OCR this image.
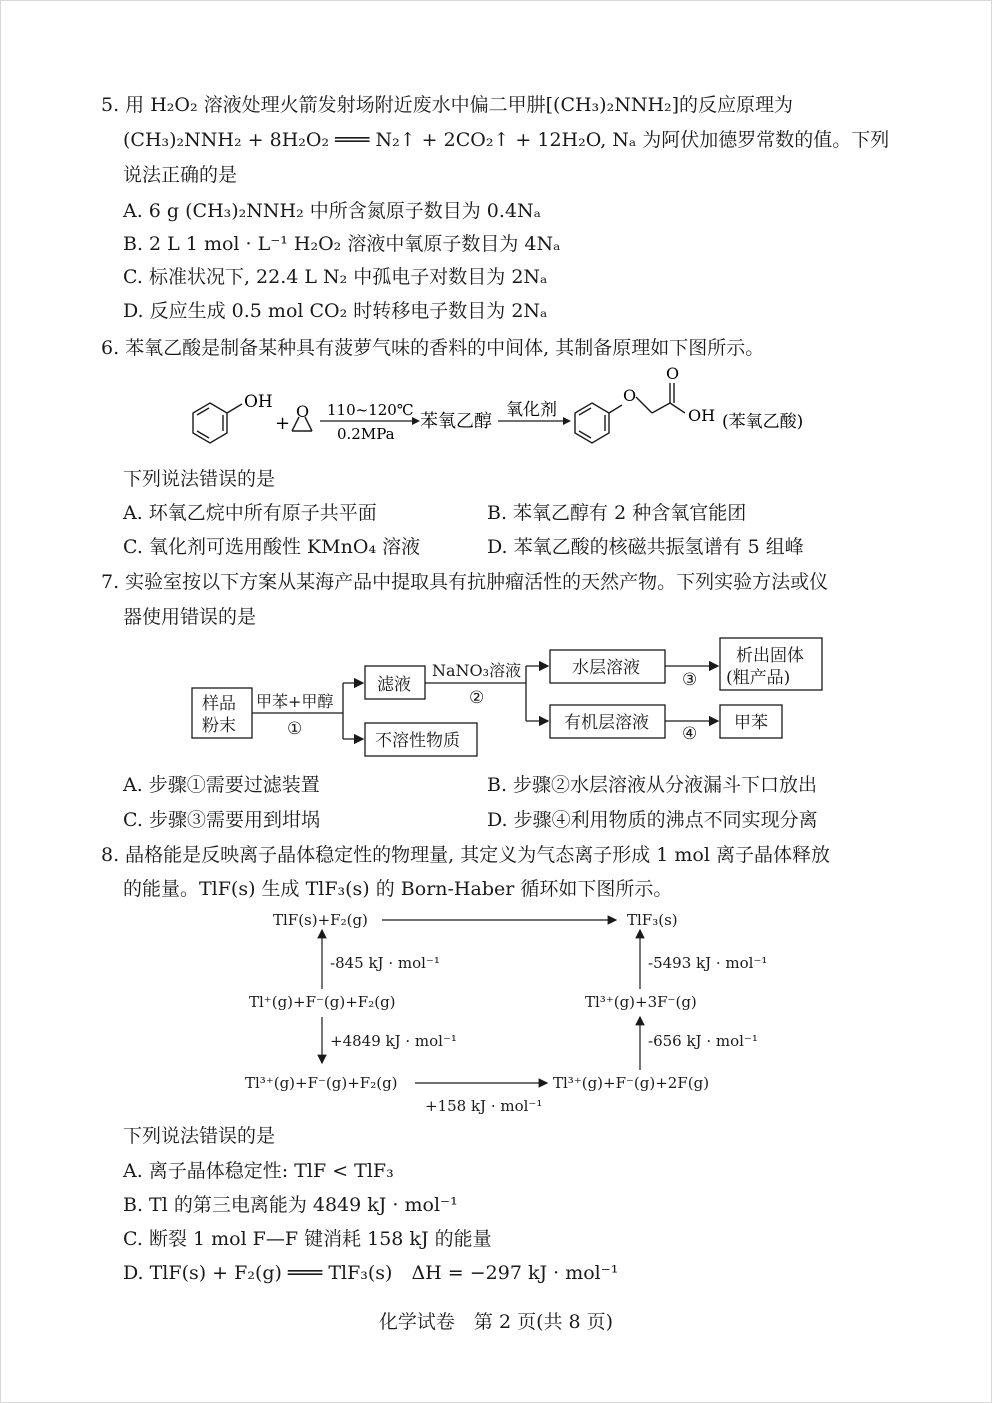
5. 用 H₂O₂ 溶液处理火箭发射场附近废水中偏二甲肼[(CH₃)₂NNH₂]的反应原理为
(CH₃)₂NNH₂ + 8H₂O₂ ═══ N₂↑ + 2CO₂↑ + 12H₂O, Nₐ 为阿伏加德罗常数的值。下列
说法正确的是
A. 6 g (CH₃)₂NNH₂ 中所含氮原子数目为 0.4Nₐ
B. 2 L 1 mol · L⁻¹ H₂O₂ 溶液中氧原子数目为 4Nₐ
C. 标准状况下, 22.4 L N₂ 中孤电子对数目为 2Nₐ
D. 反应生成 0.5 mol CO₂ 时转移电子数目为 2Nₐ
6. 苯氧乙酸是制备某种具有菠萝气味的香料的中间体, 其制备原理如下图所示。
OH
+
O 110~120℃
0.2MPa
苯氧乙醇
氧化剂
O
O
OH (苯氧乙酸)
下列说法错误的是
A. 环氧乙烷中所有原子共平面	B. 苯氧乙醇有 2 种含氧官能团
C. 氧化剂可选用酸性 KMnO₄ 溶液	D. 苯氧乙酸的核磁共振氢谱有 5 组峰
7. 实验室按以下方案从某海产品中提取具有抗肿瘤活性的天然产物。下列实验方法或仪
器使用错误的是
样品
粉末
甲苯+甲醇
①
滤液
不溶性物质
NaNO₃溶液
②
水层溶液
有机层溶液
③
④
析出固体
(粗产品)
甲苯
A. 步骤①需要过滤装置	B. 步骤②水层溶液从分液漏斗下口放出
C. 步骤③需要用到坩埚	D. 步骤④利用物质的沸点不同实现分离
8. 晶格能是反映离子晶体稳定性的物理量, 其定义为气态离子形成 1 mol 离子晶体释放
的能量。TlF(s) 生成 TlF₃(s) 的 Born-Haber 循环如下图所示。
TlF(s)+F₂(g)	TlF₃(s)
-845 kJ · mol⁻¹
Tl⁺(g)+F⁻(g)+F₂(g)	Tl³⁺(g)+3F⁻(g)
-5493 kJ · mol⁻¹
+4849 kJ · mol⁻¹	-656 kJ · mol⁻¹
Tl³⁺(g)+F⁻(g)+F₂(g)	Tl³⁺(g)+F⁻(g)+2F(g)
+158 kJ · mol⁻¹
下列说法错误的是
A. 离子晶体稳定性: TlF < TlF₃
B. Tl 的第三电离能为 4849 kJ · mol⁻¹
C. 断裂 1 mol F—F 键消耗 158 kJ 的能量
D. TlF(s) + F₂(g) ═══ TlF₃(s)　ΔH = −297 kJ · mol⁻¹
化学试卷　第 2 页(共 8 页)
